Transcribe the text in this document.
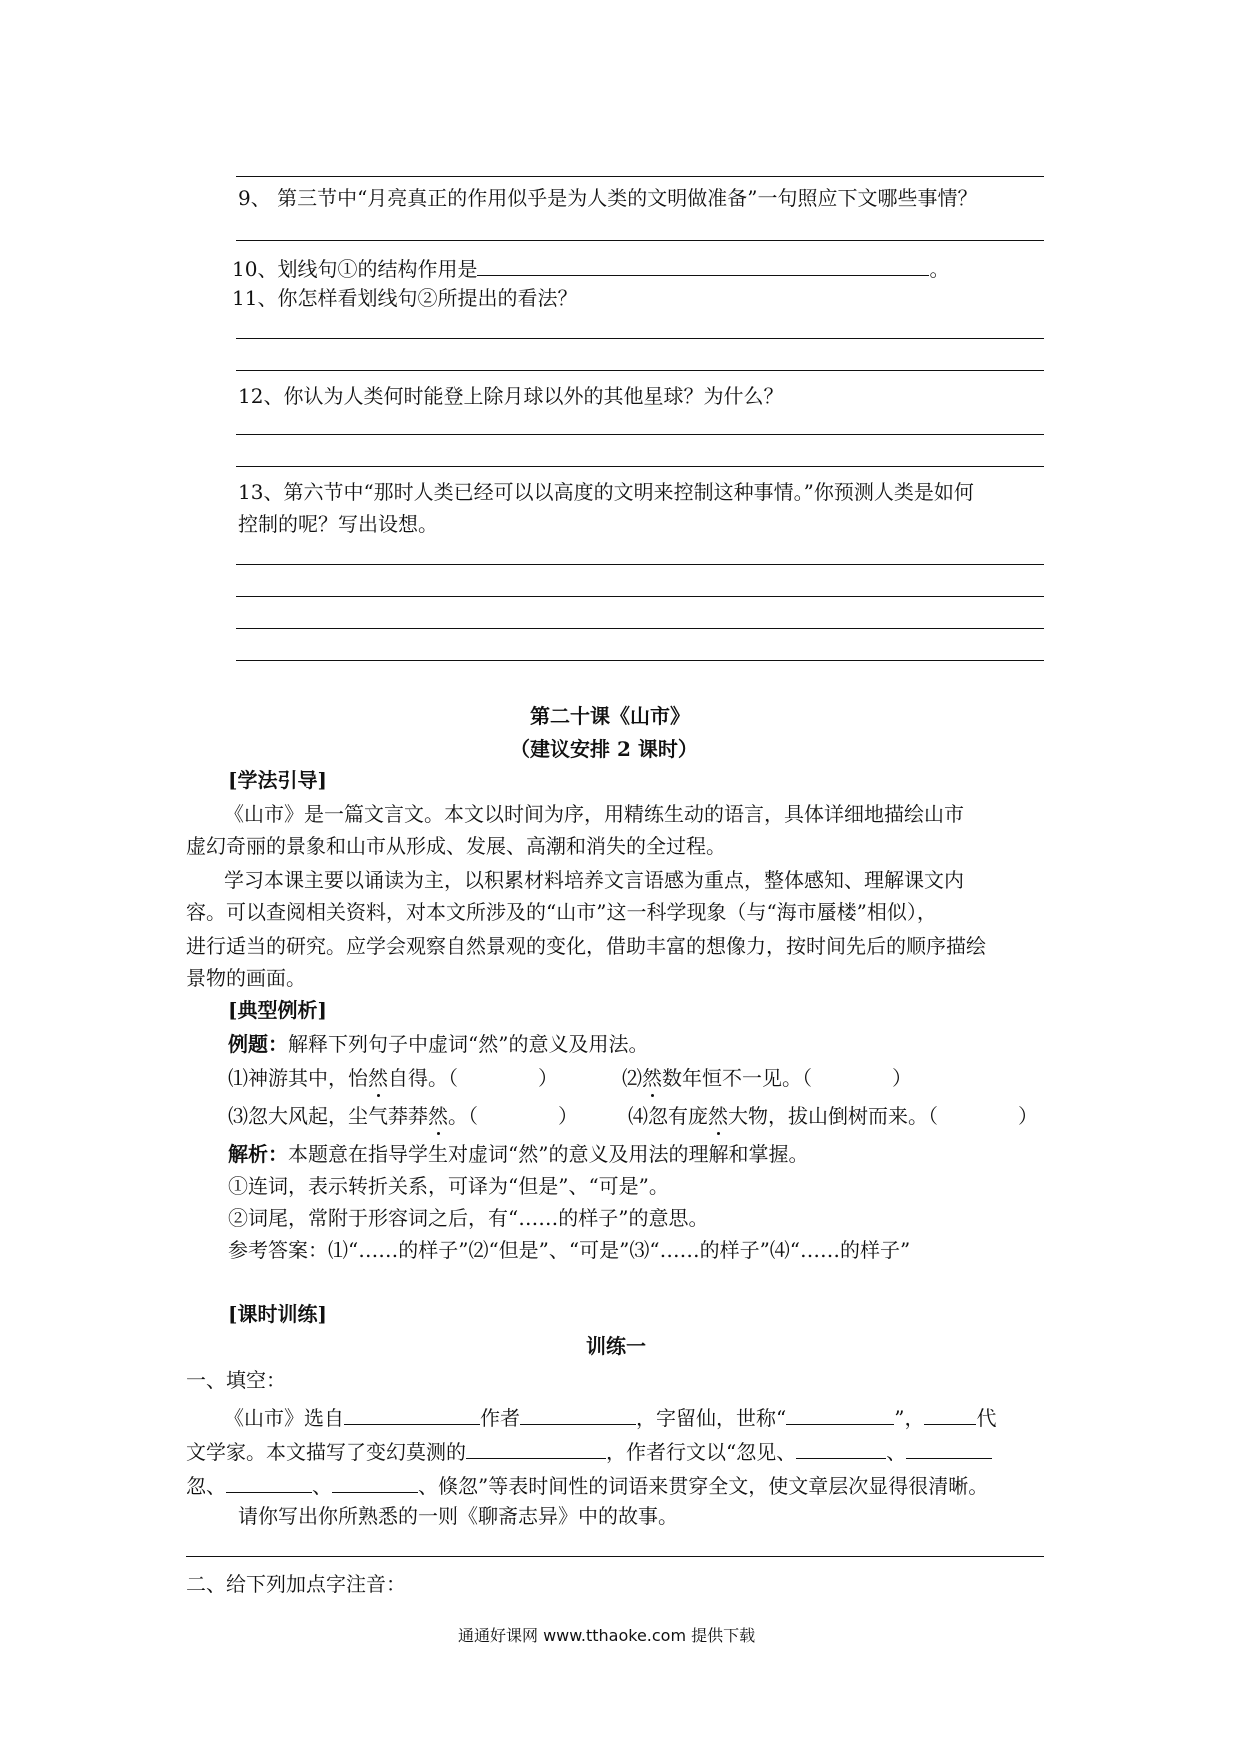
9、 第三节中“月亮真正的作用似乎是为人类的文明做准备”一句照应下文哪些事情？
10、划线句①的结构作用是	。
11、你怎样看划线句②所提出的看法？
12、你认为人类何时能登上除月球以外的其他星球？为什么？
13、第六节中“那时人类已经可以以高度的文明来控制这种事情。”你预测人类是如何
控制的呢？写出设想。
第二十课《山市》
（建议安排 2 课时）
[学法引导]
《山市》是一篇文言文。本文以时间为序，用精练生动的语言，具体详细地描绘山市
虚幻奇丽的景象和山市从形成、发展、高潮和消失的全过程。
学习本课主要以诵读为主，以积累材料培养文言语感为重点，整体感知、理解课文内
容。可以查阅相关资料，对本文所涉及的“山市”这一科学现象（与“海市蜃楼”相似），
进行适当的研究。应学会观察自然景观的变化，借助丰富的想像力，按时间先后的顺序描绘
景物的画面。
[典型例析]
例题：解释下列句子中虚词“然”的意义及用法。
⑴神游其中，怡然自得。（　　　　）	⑵然数年恒不一见。（　　　　）
⑶忽大风起，尘气莽莽然。（　　　　）	⑷忽有庞然大物，拔山倒树而来。（　　　　）
解析：本题意在指导学生对虚词“然”的意义及用法的理解和掌握。
①连词，表示转折关系，可译为“但是”、“可是”。
②词尾，常附于形容词之后，有“……的样子”的意思。
参考答案：⑴“……的样子”⑵“但是”、“可是”⑶“……的样子”⑷“……的样子”
[课时训练]
训练一
一、填空：
《山市》选自	作者	，字留仙，世称“	”，	代
文学家。本文描写了变幻莫测的	，作者行文以“忽见、	、
忽、	、	、倏忽”等表时间性的词语来贯穿全文，使文章层次显得很清晰。
请你写出你所熟悉的一则《聊斋志异》中的故事。
二、给下列加点字注音：
通通好课网 www.tthaoke.com 提供下载
